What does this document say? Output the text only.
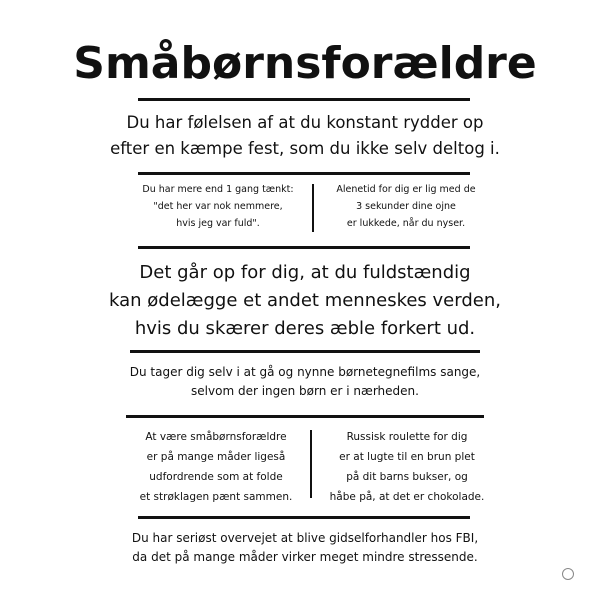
Småbørnsforældre
Du har følelsen af at du konstant rydder op
efter en kæmpe fest, som du ikke selv deltog i.
Du har mere end 1 gang tænkt:
"det her var nok nemmere,
hvis jeg var fuld".
Alenetid for dig er lig med de
3 sekunder dine ojne
er lukkede, når du nyser.
Det går op for dig, at du fuldstændig
kan ødelægge et andet menneskes verden,
hvis du skærer deres æble forkert ud.
Du tager dig selv i at gå og nynne børnetegnefilms sange,
selvom der ingen børn er i nærheden.
At være småbørnsforældre
er på mange måder ligeså
udfordrende som at folde
et strøklagen pænt sammen.
Russisk roulette for dig
er at lugte til en brun plet
på dit barns bukser, og
håbe på, at det er chokolade.
Du har seriøst overvejet at blive gidselforhandler hos FBI,
da det på mange måder virker meget mindre stressende.
